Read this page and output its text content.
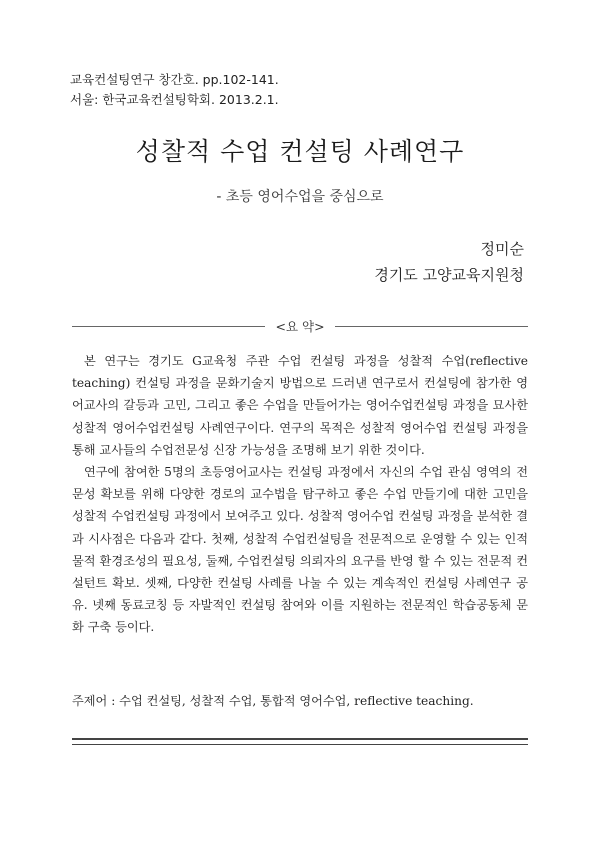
교육컨설팅연구 창간호. pp.102-141.
서울: 한국교육컨설팅학회. 2013.2.1.
성찰적 수업 컨설팅 사례연구
- 초등 영어수업을 중심으로
정미순
경기도 고양교육지원청
<요 약>

본 연구는 경기도 G교육청 주관 수업 컨설팅 과정을 성찰적 수업(reflective teaching) 컨설팅 과정을 문화기술지 방법으로 드러낸 연구로서 컨설팅에 참가한 영어교사의 갈등과 고민, 그리고 좋은 수업을 만들어가는 영어수업컨설팅 과정을 묘사한 성찰적 영어수업컨설팅 사례연구이다. 연구의 목적은 성찰적 영어수업 컨설팅 과정을 통해 교사들의 수업전문성 신장 가능성을 조명해 보기 위한 것이다.

연구에 참여한 5명의 초등영어교사는 컨설팅 과정에서 자신의 수업 관심 영역의 전문성 확보를 위해 다양한 경로의 교수법을 탐구하고 좋은 수업 만들기에 대한 고민을 성찰적 수업컨설팅 과정에서 보여주고 있다. 성찰적 영어수업 컨설팅 과정을 분석한 결과 시사점은 다음과 같다. 첫째, 성찰적 수업컨설팅을 전문적으로 운영할 수 있는 인적 물적 환경조성의 필요성, 둘째, 수업컨설팅 의뢰자의 요구를 반영 할 수 있는 전문적 컨설턴트 확보. 셋째, 다양한 컨설팅 사례를 나눌 수 있는 계속적인 컨설팅 사례연구 공유. 넷째 동료코칭 등 자발적인 컨설팅 참여와 이를 지원하는 전문적인 학습공동체 문화 구축 등이다.

주제어 : 수업 컨설팅, 성찰적 수업, 통합적 영어수업, reflective teaching.
